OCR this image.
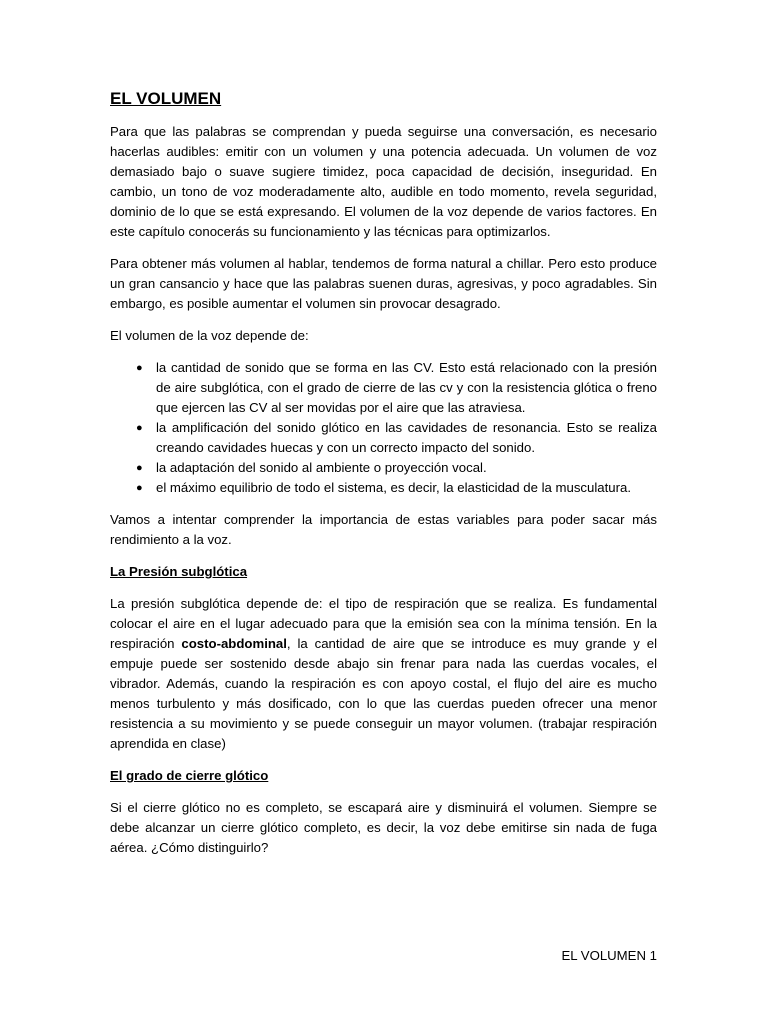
EL VOLUMEN

Para que las palabras se comprendan y pueda seguirse una conversación, es necesario hacerlas audibles: emitir con un volumen y una potencia adecuada. Un volumen de voz demasiado bajo o suave sugiere timidez, poca capacidad de decisión, inseguridad. En cambio, un tono de voz moderadamente alto, audible en todo momento, revela seguridad, dominio de lo que se está expresando. El volumen de la voz depende de varios factores. En este capítulo conocerás su funcionamiento y las técnicas para optimizarlos.

Para obtener más volumen al hablar, tendemos de forma natural a chillar. Pero esto produce un gran cansancio y hace que las palabras suenen duras, agresivas, y poco agradables. Sin embargo, es posible aumentar el volumen sin provocar desagrado.

El volumen de la voz depende de:

● la cantidad de sonido que se forma en las CV. Esto está relacionado con la presión de aire subglótica, con el grado de cierre de las cv y con la resistencia glótica o freno que ejercen las CV al ser movidas por el aire que las atraviesa.
● la amplificación del sonido glótico en las cavidades de resonancia. Esto se realiza creando cavidades huecas y con un correcto impacto del sonido.
● la adaptación del sonido al ambiente o proyección vocal.
● el máximo equilibrio de todo el sistema, es decir, la elasticidad de la musculatura.

Vamos a intentar comprender la importancia de estas variables para poder sacar más rendimiento a la voz.

La Presión subglótica

La presión subglótica depende de: el tipo de respiración que se realiza. Es fundamental colocar el aire en el lugar adecuado para que la emisión sea con la mínima tensión. En la respiración costo-abdominal, la cantidad de aire que se introduce es muy grande y el empuje puede ser sostenido desde abajo sin frenar para nada las cuerdas vocales, el vibrador. Además, cuando la respiración es con apoyo costal, el flujo del aire es mucho menos turbulento y más dosificado, con lo que las cuerdas pueden ofrecer una menor resistencia a su movimiento y se puede conseguir un mayor volumen. (trabajar respiración aprendida en clase)

El grado de cierre glótico

Si el cierre glótico no es completo, se escapará aire y disminuirá el volumen. Siempre se debe alcanzar un cierre glótico completo, es decir, la voz debe emitirse sin nada de fuga aérea. ¿Cómo distinguirlo?

EL VOLUMEN 1
